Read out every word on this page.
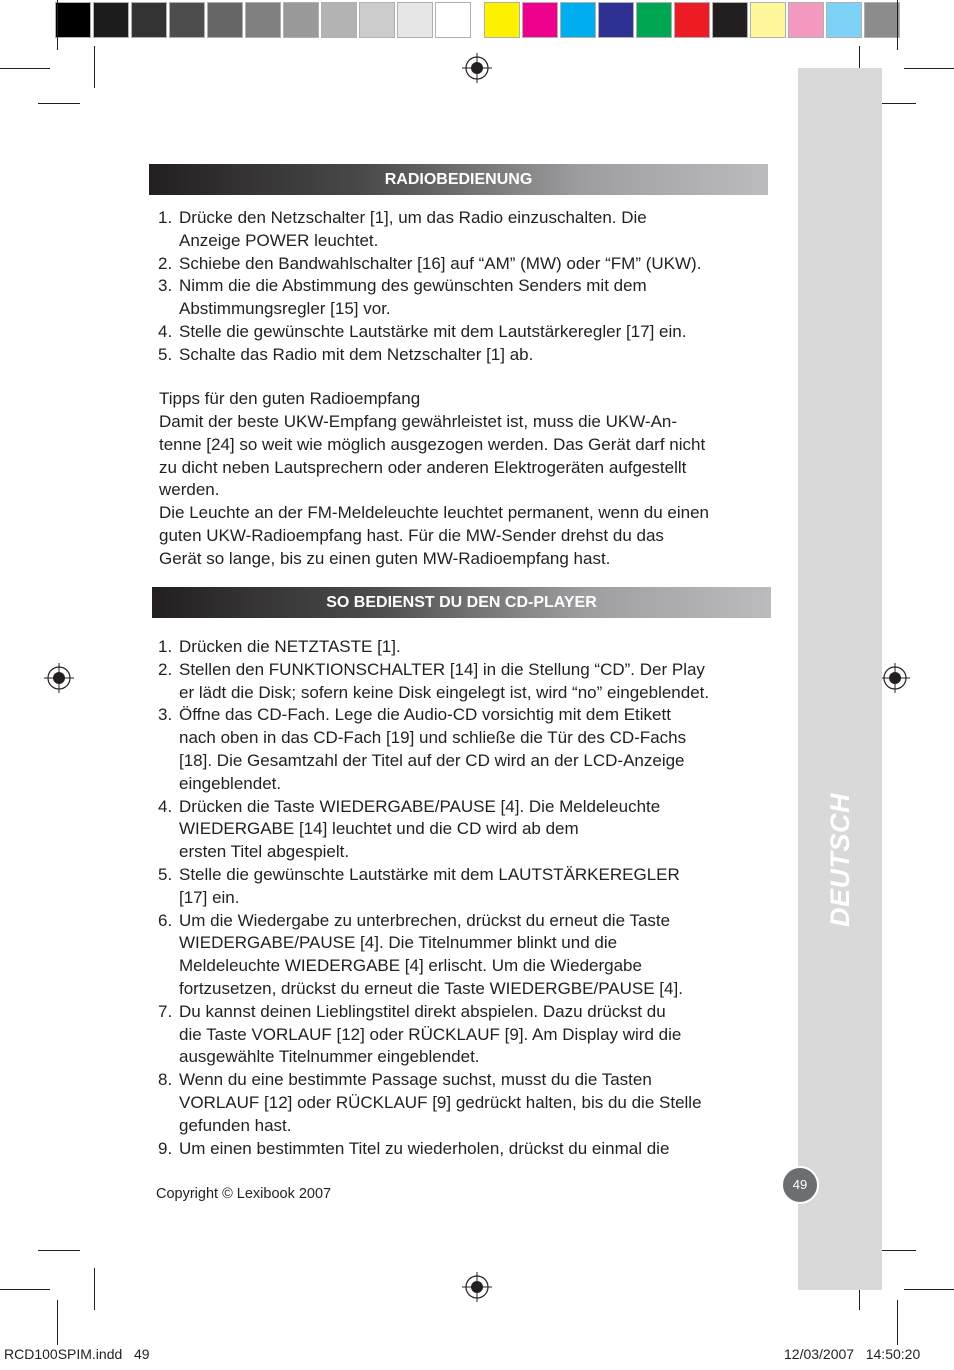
DEUTSCH
RADIOBEDIENUNG
1. Drücke den Netzschalter [1], um das Radio einzuschalten. Die
Anzeige POWER leuchtet.
2. Schiebe den Bandwahlschalter [16] auf “AM” (MW) oder “FM” (UKW).
3. Nimm die die Abstimmung des gewünschten Senders mit dem
Abstimmungsregler [15] vor.
4. Stelle die gewünschte Lautstärke mit dem Lautstärkeregler [17] ein.
5. Schalte das Radio mit dem Netzschalter [1] ab.

Tipps für den guten Radioempfang

Damit der beste UKW-Empfang gewährleistet ist, muss die UKW-An-
tenne [24] so weit wie möglich ausgezogen werden. Das Gerät darf nicht
zu dicht neben Lautsprechern oder anderen Elektrogeräten aufgestellt
werden.
Die Leuchte an der FM-Meldeleuchte leuchtet permanent, wenn du einen
guten UKW-Radioempfang hast. Für die MW-Sender drehst du das
Gerät so lange, bis zu einen guten MW-Radioempfang hast.
SO BEDIENST DU DEN CD-PLAYER
1. Drücken die NETZTASTE [1].
2. Stellen den FUNKTIONSCHALTER [14] in die Stellung “CD”. Der Play
er lädt die Disk; sofern keine Disk eingelegt ist, wird “no” eingeblendet.
3. Öffne das CD-Fach. Lege die Audio-CD vorsichtig mit dem Etikett
nach oben in das CD-Fach [19] und schließe die Tür des CD-Fachs
[18]. Die Gesamtzahl der Titel auf der CD wird an der LCD-Anzeige
eingeblendet.
4. Drücken die Taste WIEDERGABE/PAUSE [4]. Die Meldeleuchte
WIEDERGABE [14] leuchtet und die CD wird ab dem
ersten Titel abgespielt.
5. Stelle die gewünschte Lautstärke mit dem LAUTSTÄRKEREGLER
[17] ein.
6. Um die Wiedergabe zu unterbrechen, drückst du erneut die Taste
WIEDERGABE/PAUSE [4]. Die Titelnummer blinkt und die
Meldeleuchte WIEDERGABE [4] erlischt. Um die Wiedergabe
fortzusetzen, drückst du erneut die Taste WIEDERGBE/PAUSE [4].
7. Du kannst deinen Lieblingstitel direkt abspielen. Dazu drückst du
die Taste VORLAUF [12] oder RÜCKLAUF [9]. Am Display wird die
ausgewählte Titelnummer eingeblendet.
8. Wenn du eine bestimmte Passage suchst, musst du die Tasten
VORLAUF [12] oder RÜCKLAUF [9] gedrückt halten, bis du die Stelle
gefunden hast.
9. Um einen bestimmten Titel zu wiederholen, drückst du einmal die
Copyright © Lexibook 2007
49
RCD100SPIM.indd   49	12/03/2007   14:50:20
